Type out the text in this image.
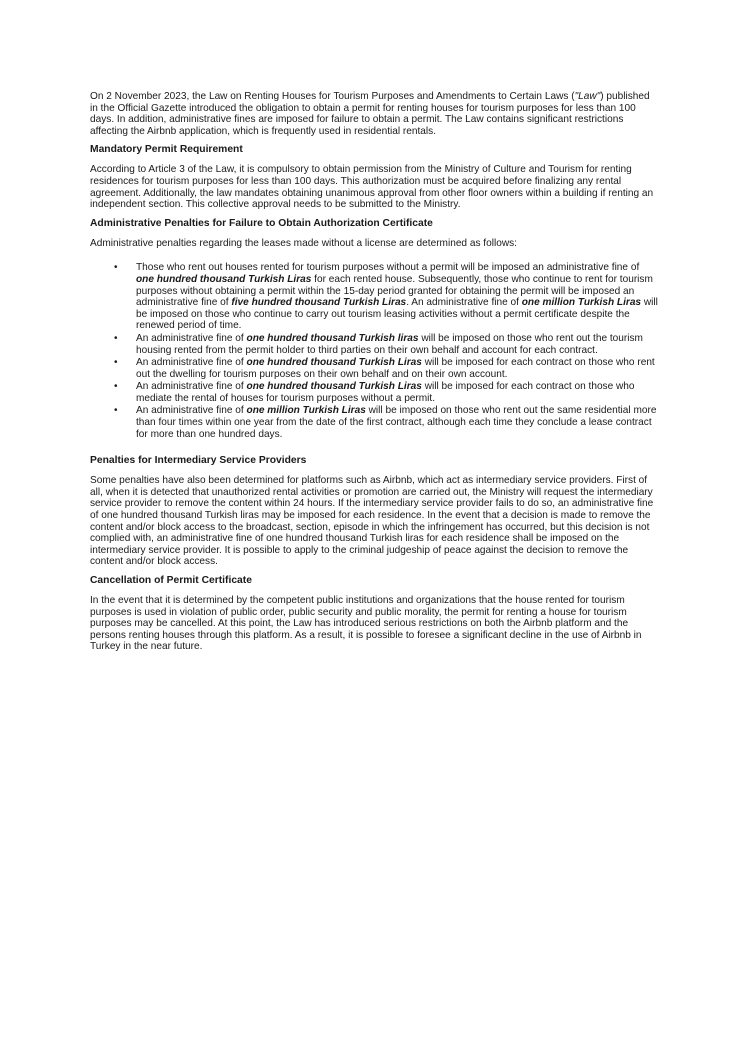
On 2 November 2023, the Law on Renting Houses for Tourism Purposes and Amendments to Certain Laws ("Law") published in the Official Gazette introduced the obligation to obtain a permit for renting houses for tourism purposes for less than 100 days. In addition, administrative fines are imposed for failure to obtain a permit. The Law contains significant restrictions affecting the Airbnb application, which is frequently used in residential rentals.

Mandatory Permit Requirement

According to Article 3 of the Law, it is compulsory to obtain permission from the Ministry of Culture and Tourism for renting residences for tourism purposes for less than 100 days. This authorization must be acquired before finalizing any rental agreement. Additionally, the law mandates obtaining unanimous approval from other floor owners within a building if renting an independent section. This collective approval needs to be submitted to the Ministry.

Administrative Penalties for Failure to Obtain Authorization Certificate

Administrative penalties regarding the leases made without a license are determined as follows:

• Those who rent out houses rented for tourism purposes without a permit will be imposed an administrative fine of one hundred thousand Turkish Liras for each rented house. Subsequently, those who continue to rent for tourism purposes without obtaining a permit within the 15-day period granted for obtaining the permit will be imposed an administrative fine of five hundred thousand Turkish Liras. An administrative fine of one million Turkish Liras will be imposed on those who continue to carry out tourism leasing activities without a permit certificate despite the renewed period of time.
• An administrative fine of one hundred thousand Turkish liras will be imposed on those who rent out the tourism housing rented from the permit holder to third parties on their own behalf and account for each contract.
• An administrative fine of one hundred thousand Turkish Liras will be imposed for each contract on those who rent out the dwelling for tourism purposes on their own behalf and on their own account.
• An administrative fine of one hundred thousand Turkish Liras will be imposed for each contract on those who mediate the rental of houses for tourism purposes without a permit.
• An administrative fine of one million Turkish Liras will be imposed on those who rent out the same residential more than four times within one year from the date of the first contract, although each time they conclude a lease contract for more than one hundred days.
Penalties for Intermediary Service Providers

Some penalties have also been determined for platforms such as Airbnb, which act as intermediary service providers. First of all, when it is detected that unauthorized rental activities or promotion are carried out, the Ministry will request the intermediary service provider to remove the content within 24 hours. If the intermediary service provider fails to do so, an administrative fine of one hundred thousand Turkish liras may be imposed for each residence. In the event that a decision is made to remove the content and/or block access to the broadcast, section, episode in which the infringement has occurred, but this decision is not complied with, an administrative fine of one hundred thousand Turkish liras for each residence shall be imposed on the intermediary service provider. It is possible to apply to the criminal judgeship of peace against the decision to remove the content and/or block access.

Cancellation of Permit Certificate

In the event that it is determined by the competent public institutions and organizations that the house rented for tourism purposes is used in violation of public order, public security and public morality, the permit for renting a house for tourism purposes may be cancelled. At this point, the Law has introduced serious restrictions on both the Airbnb platform and the persons renting houses through this platform. As a result, it is possible to foresee a significant decline in the use of Airbnb in Turkey in the near future.
